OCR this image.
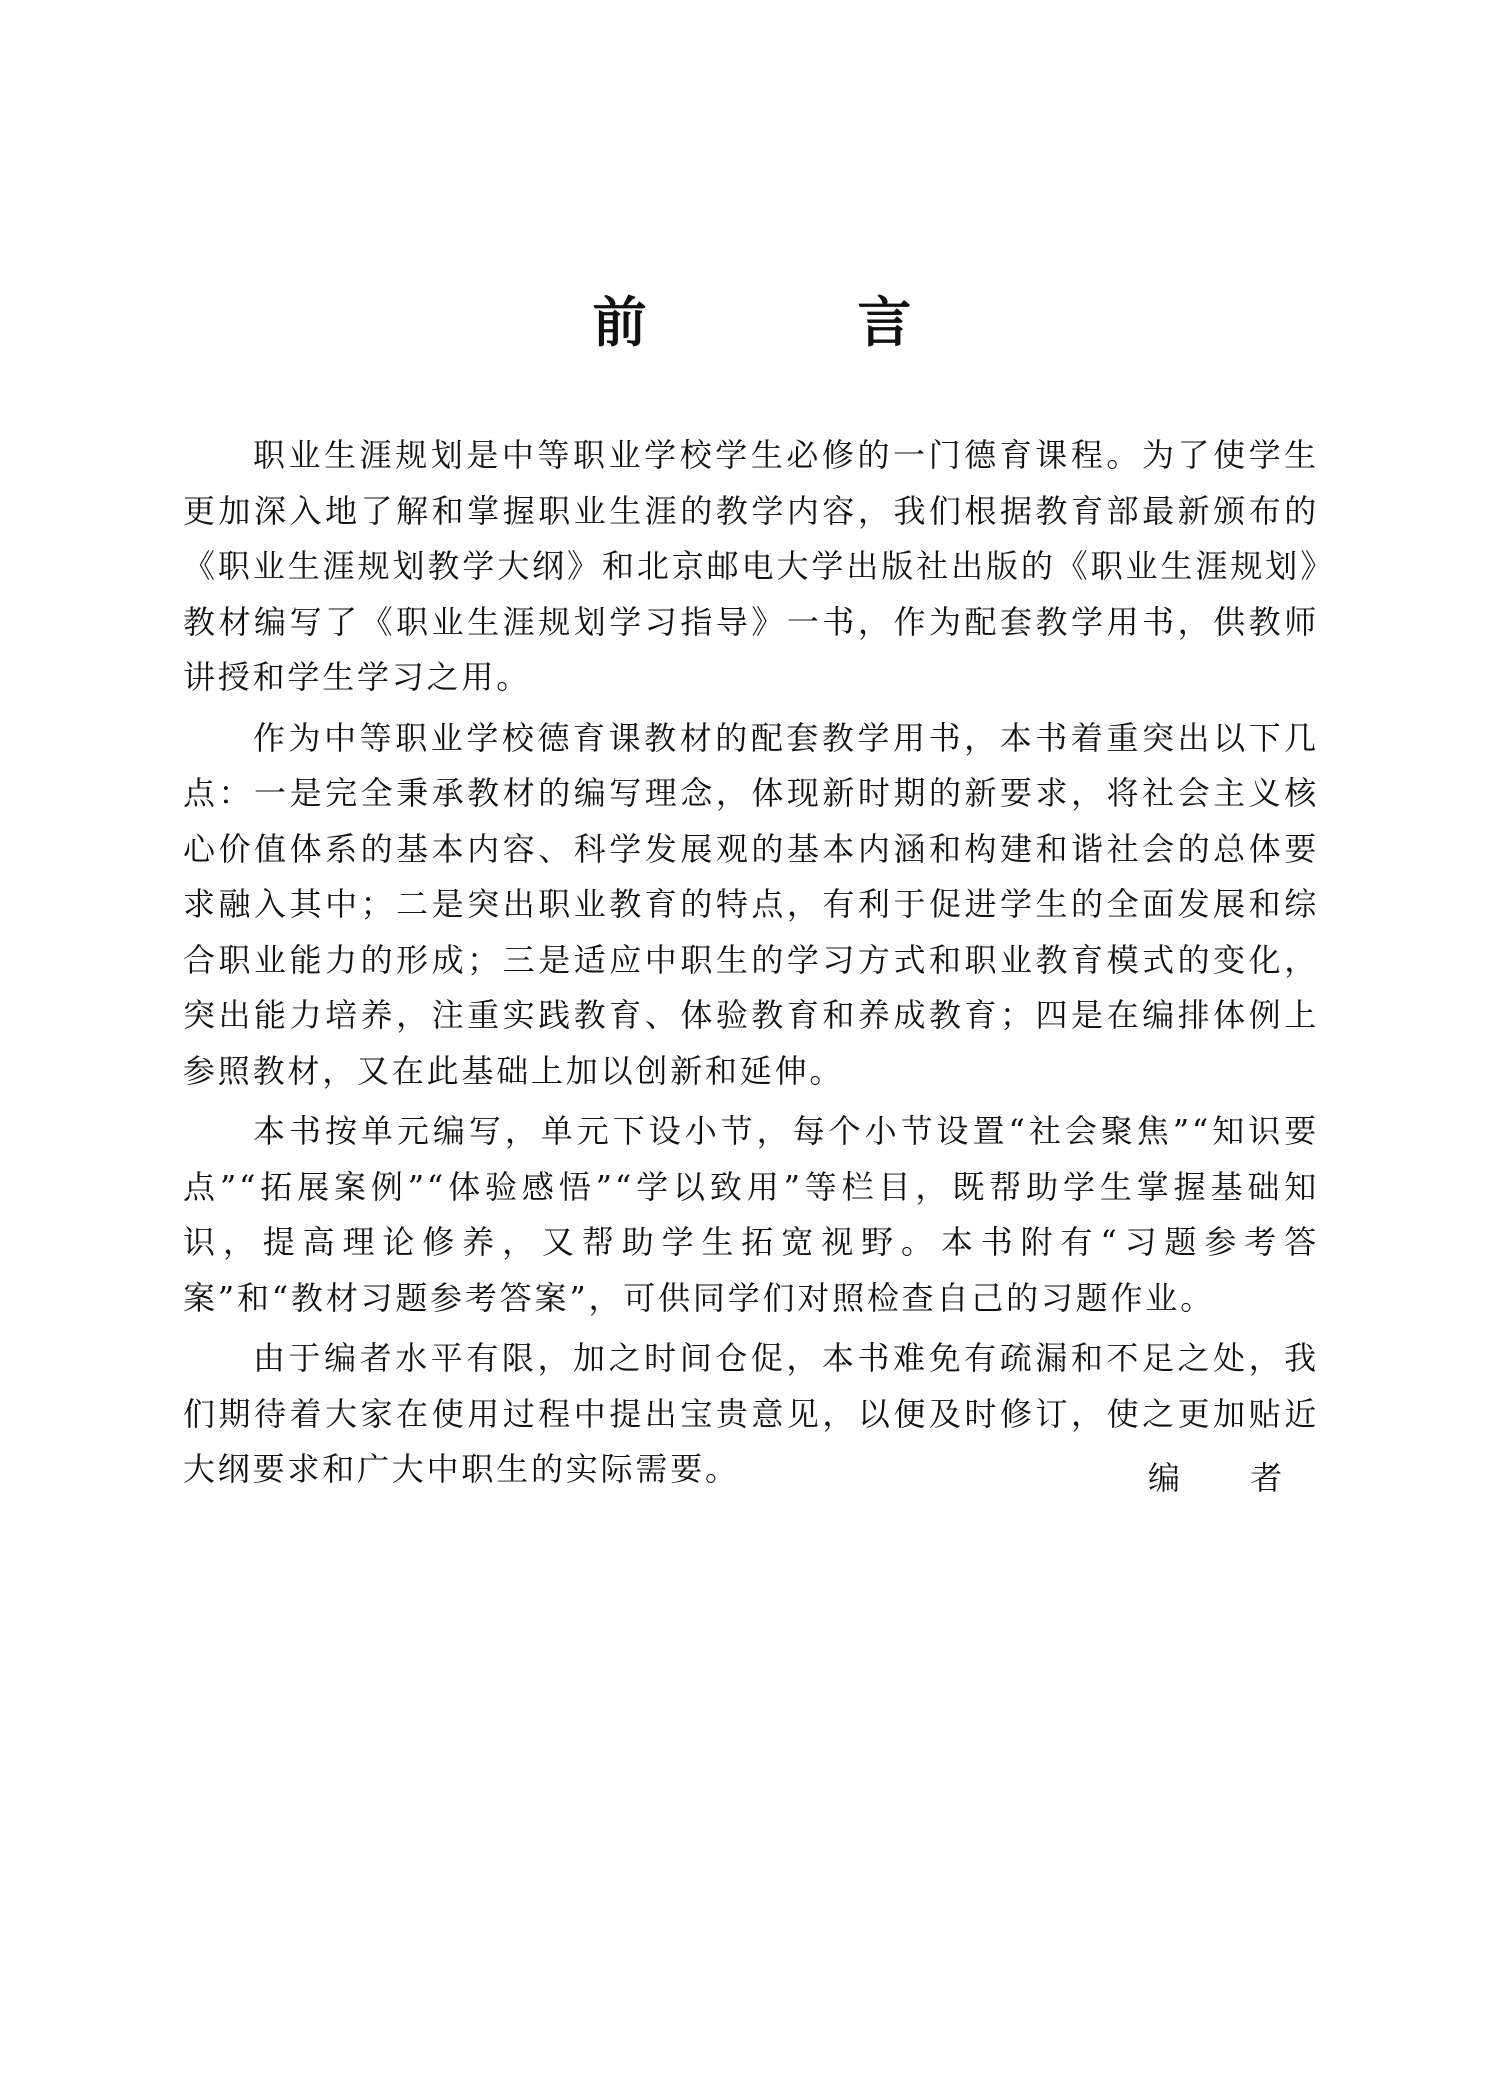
前 言

职业生涯规划是中等职业学校学生必修的一门德育课程。为了使学生更加深入地了解和掌握职业生涯的教学内容，我们根据教育部最新颁布的《职业生涯规划教学大纲》和北京邮电大学出版社出版的《职业生涯规划》教材编写了《职业生涯规划学习指导》一书，作为配套教学用书，供教师讲授和学生学习之用。

作为中等职业学校德育课教材的配套教学用书，本书着重突出以下几点：一是完全秉承教材的编写理念，体现新时期的新要求，将社会主义核心价值体系的基本内容、科学发展观的基本内涵和构建和谐社会的总体要求融入其中；二是突出职业教育的特点，有利于促进学生的全面发展和综合职业能力的形成；三是适应中职生的学习方式和职业教育模式的变化，突出能力培养，注重实践教育、体验教育和养成教育；四是在编排体例上参照教材，又在此基础上加以创新和延伸。

本书按单元编写，单元下设小节，每个小节设置“社会聚焦”“知识要点”“拓展案例”“体验感悟”“学以致用”等栏目，既帮助学生掌握基础知识，提高理论修养，又帮助学生拓宽视野。本书附有“习题参考答案”和“教材习题参考答案”，可供同学们对照检查自己的习题作业。

由于编者水平有限，加之时间仓促，本书难免有疏漏和不足之处，我们期待着大家在使用过程中提出宝贵意见，以便及时修订，使之更加贴近大纲要求和广大中职生的实际需要。	编 者
